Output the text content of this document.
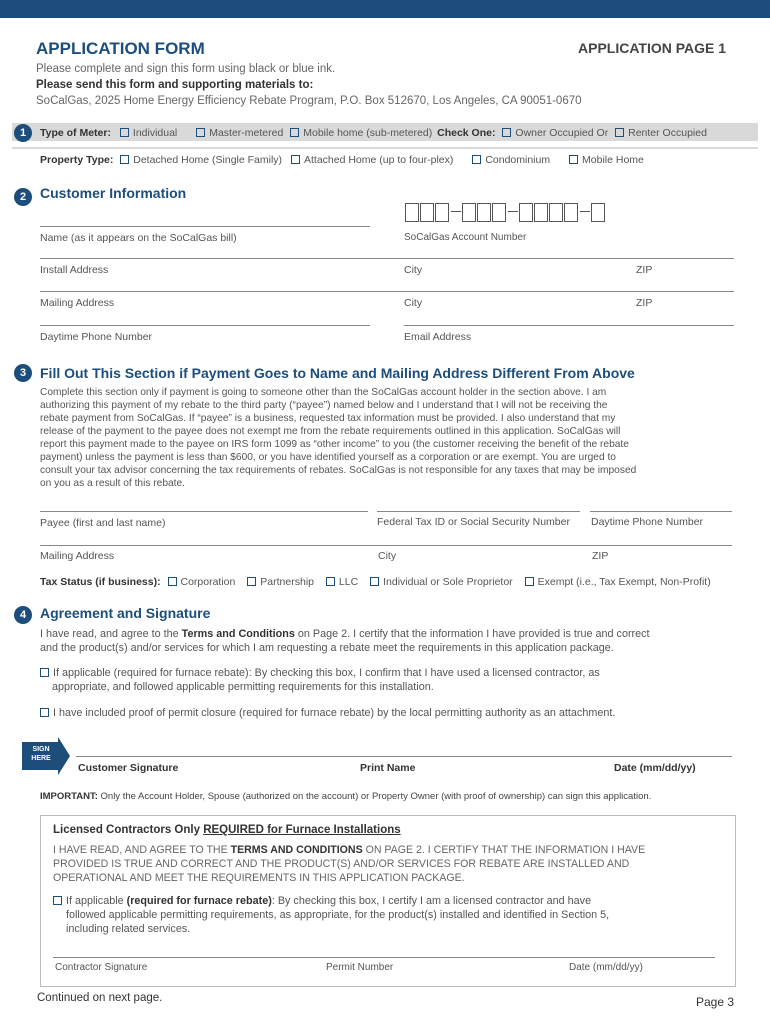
APPLICATION FORM	APPLICATION PAGE 1
Please complete and sign this form using black or blue ink.
Please send this form and supporting materials to:
SoCalGas, 2025 Home Energy Efficiency Rebate Program, P.O. Box 512670, Los Angeles, CA 90051-0670
1	Type of Meter: Individual	Master-metered Mobile home (sub-metered) Check One: Owner Occupied Or Renter Occupied
Property Type: Detached Home (Single Family) Attached Home (up to four-plex)	Condominium	Mobile Home
2 Customer Information
Name (as it appears on the SoCalGas bill)	SoCalGas Account Number
Install Address	City	ZIP
Mailing Address	City	ZIP
Daytime Phone Number	Email Address
3 Fill Out This Section if Payment Goes to Name and Mailing Address Different From Above
Complete this section only if payment is going to someone other than the SoCalGas account holder in the section above. I am
authorizing this payment of my rebate to the third party (“payee”) named below and I understand that I will not be receiving the
rebate payment from SoCalGas. If “payee” is a business, requested tax information must be provided. I also understand that my
release of the payment to the payee does not exempt me from the rebate requirements outlined in this application. SoCalGas will
report this payment made to the payee on IRS form 1099 as “other income” to you (the customer receiving the benefit of the rebate
payment) unless the payment is less than $600, or you have identified yourself as a corporation or are exempt. You are urged to
consult your tax advisor concerning the tax requirements of rebates. SoCalGas is not responsible for any taxes that may be imposed
on you as a result of this rebate.
Payee (first and last name)	Federal Tax ID or Social Security Number Daytime Phone Number
Mailing Address	City	ZIP
Tax Status (if business): Corporation Partnership LLC Individual or Sole Proprietor Exempt (i.e., Tax Exempt, Non-Profit)
4 Agreement and Signature
I have read, and agree to the Terms and Conditions on Page 2. I certify that the information I have provided is true and correct
and the product(s) and/or services for which I am requesting a rebate meet the requirements in this application package.
If applicable (required for furnace rebate): By checking this box, I confirm that I have used a licensed contractor, as
appropriate, and followed applicable permitting requirements for this installation.
I have included proof of permit closure (required for furnace rebate) by the local permitting authority as an attachment.
SIGN
HERE
Customer Signature	Print Name	Date (mm/dd/yy)
IMPORTANT: Only the Account Holder, Spouse (authorized on the account) or Property Owner (with proof of ownership) can sign this application.
Licensed Contractors Only REQUIRED for Furnace Installations
I HAVE READ, AND AGREE TO THE TERMS AND CONDITIONS ON PAGE 2. I CERTIFY THAT THE INFORMATION I HAVE
PROVIDED IS TRUE AND CORRECT AND THE PRODUCT(S) AND/OR SERVICES FOR REBATE ARE INSTALLED AND
OPERATIONAL AND MEET THE REQUIREMENTS IN THIS APPLICATION PACKAGE.
If applicable (required for furnace rebate): By checking this box, I certify I am a licensed contractor and have
followed applicable permitting requirements, as appropriate, for the product(s) installed and identified in Section 5,
including related services.
Contractor Signature	Permit Number	Date (mm/dd/yy)
Continued on next page.	Page 3
